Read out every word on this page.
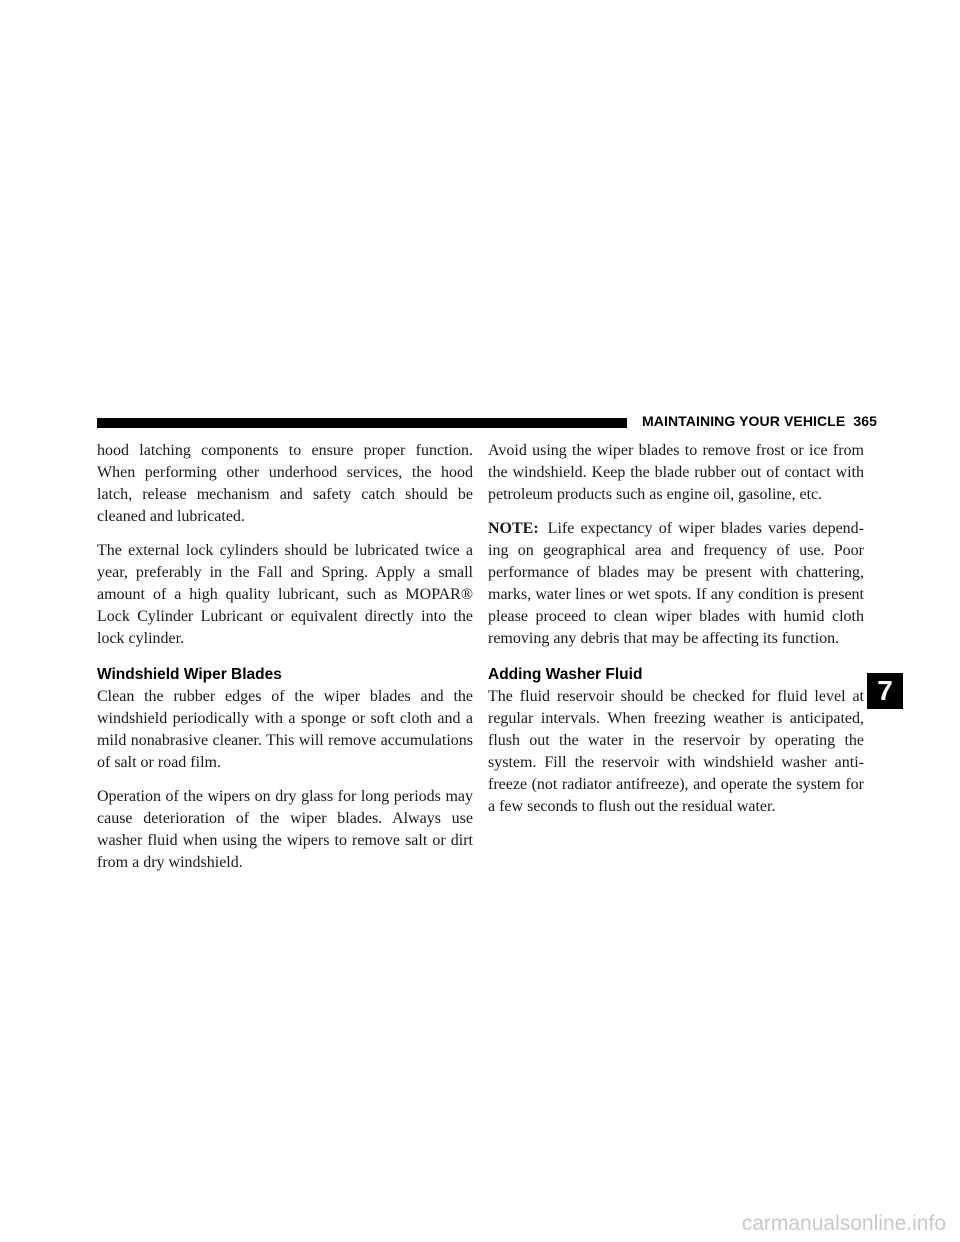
MAINTAINING YOUR VEHICLE 365

hood latching components to ensure proper function. When performing other underhood services, the hood latch, release mechanism and safety catch should be cleaned and lubricated.

The external lock cylinders should be lubricated twice a year, preferably in the Fall and Spring. Apply a small amount of a high quality lubricant, such as MOPAR® Lock Cylinder Lubricant or equivalent directly into the lock cylinder.

Windshield Wiper Blades

Clean the rubber edges of the wiper blades and the windshield periodically with a sponge or soft cloth and a mild nonabrasive cleaner. This will remove accumulations of salt or road film.

Operation of the wipers on dry glass for long periods may cause deterioration of the wiper blades. Always use washer fluid when using the wipers to remove salt or dirt from a dry windshield.

Avoid using the wiper blades to remove frost or ice from the windshield. Keep the blade rubber out of contact with petroleum products such as engine oil, gasoline, etc.

NOTE: Life expectancy of wiper blades varies depending on geographical area and frequency of use. Poor performance of blades may be present with chattering, marks, water lines or wet spots. If any condition is present please proceed to clean wiper blades with humid cloth removing any debris that may be affecting its function.

Adding Washer Fluid

The fluid reservoir should be checked for fluid level at regular intervals. When freezing weather is anticipated, flush out the water in the reservoir by operating the system. Fill the reservoir with windshield washer antifreeze (not radiator antifreeze), and operate the system for a few seconds to flush out the residual water.

7
carmanualsonline.info
